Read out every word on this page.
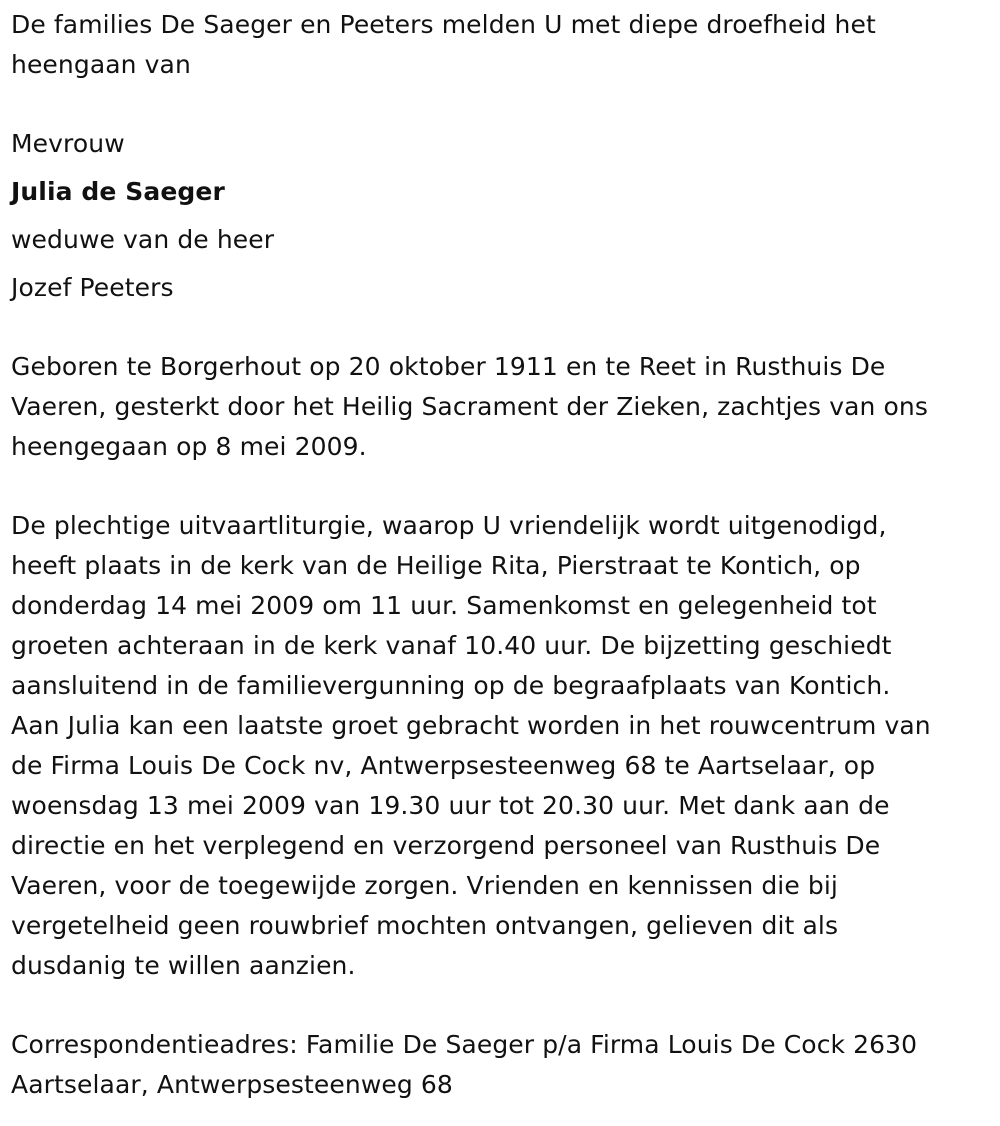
De families De Saeger en Peeters melden U met diepe droefheid het
heengaan van

Mevrouw

Julia de Saeger

weduwe van de heer

Jozef Peeters

Geboren te Borgerhout op 20 oktober 1911 en te Reet in Rusthuis De
Vaeren, gesterkt door het Heilig Sacrament der Zieken, zachtjes van ons
heengegaan op 8 mei 2009.

De plechtige uitvaartliturgie, waarop U vriendelijk wordt uitgenodigd,
heeft plaats in de kerk van de Heilige Rita, Pierstraat te Kontich, op
donderdag 14 mei 2009 om 11 uur. Samenkomst en gelegenheid tot
groeten achteraan in de kerk vanaf 10.40 uur. De bijzetting geschiedt
aansluitend in de familievergunning op de begraafplaats van Kontich.
Aan Julia kan een laatste groet gebracht worden in het rouwcentrum van
de Firma Louis De Cock nv, Antwerpsesteenweg 68 te Aartselaar, op
woensdag 13 mei 2009 van 19.30 uur tot 20.30 uur. Met dank aan de
directie en het verplegend en verzorgend personeel van Rusthuis De
Vaeren, voor de toegewijde zorgen. Vrienden en kennissen die bij
vergetelheid geen rouwbrief mochten ontvangen, gelieven dit als
dusdanig te willen aanzien.

Correspondentieadres: Familie De Saeger p/a Firma Louis De Cock 2630
Aartselaar, Antwerpsesteenweg 68
